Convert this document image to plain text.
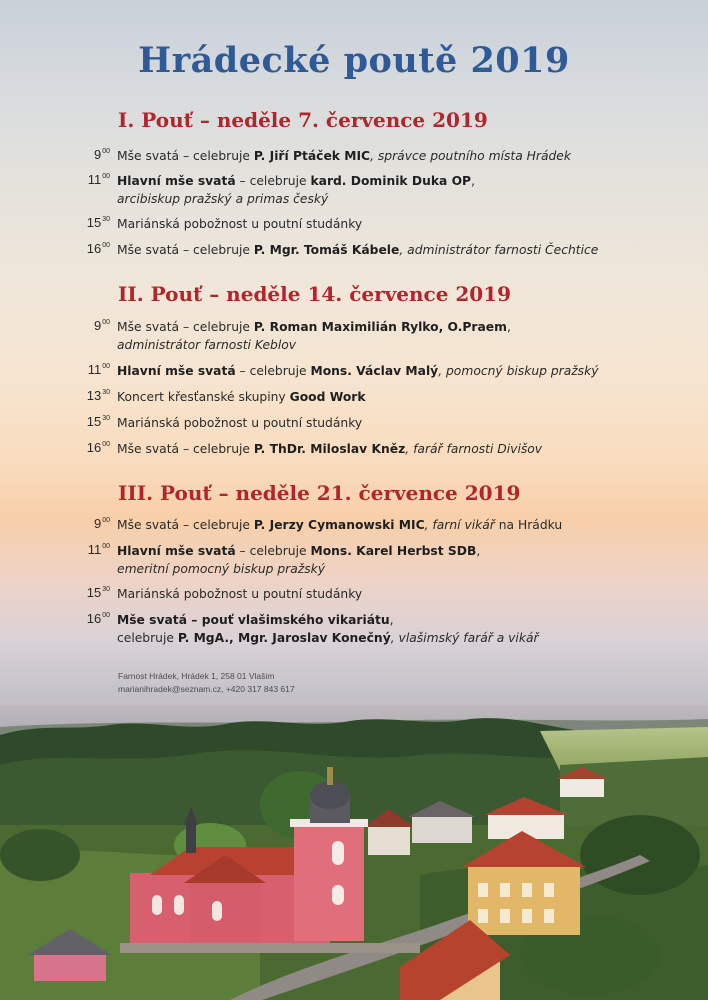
Hrádecké poutě 2019
I. Pouť – neděle 7. července 2019
$9^{00}$ Mše svatá – celebruje P. Jiří Ptáček MIC, správce poutního místa Hrádek
$11^{00}$ Hlavní mše svatá – celebruje kard. Dominik Duka OP,
arcibiskup pražský a primas český
$15^{30}$ Mariánská pobožnost u poutní studánky
$16^{00}$ Mše svatá – celebruje P. Mgr. Tomáš Kábele, administrátor farnosti Čechtice
II. Pouť – neděle 14. července 2019
$9^{00}$ Mše svatá – celebruje P. Roman Maximilián Rylko, O.Praem,
administrátor farnosti Keblov
$11^{00}$ Hlavní mše svatá – celebruje Mons. Václav Malý, pomocný biskup pražský
$13^{30}$ Koncert křesťanské skupiny Good Work
$15^{30}$ Mariánská pobožnost u poutní studánky
$16^{00}$ Mše svatá – celebruje P. ThDr. Miloslav Kněz, farář farnosti Divišov
III. Pouť – neděle 21. července 2019
$9^{00}$ Mše svatá – celebruje P. Jerzy Cymanowski MIC, farní vikář na Hrádku
$11^{00}$ Hlavní mše svatá – celebruje Mons. Karel Herbst SDB,
emeritní pomocný biskup pražský
$15^{30}$ Mariánská pobožnost u poutní studánky
$16^{00}$ Mše svatá – pouť vlašimského vikariátu,
celebruje P. MgA., Mgr. Jaroslav Konečný, vlašimský farář a vikář
Farnost Hrádek, Hrádek 1, 258 01 Vlašim
marianihradek@seznam.cz, +420 317 843 617
